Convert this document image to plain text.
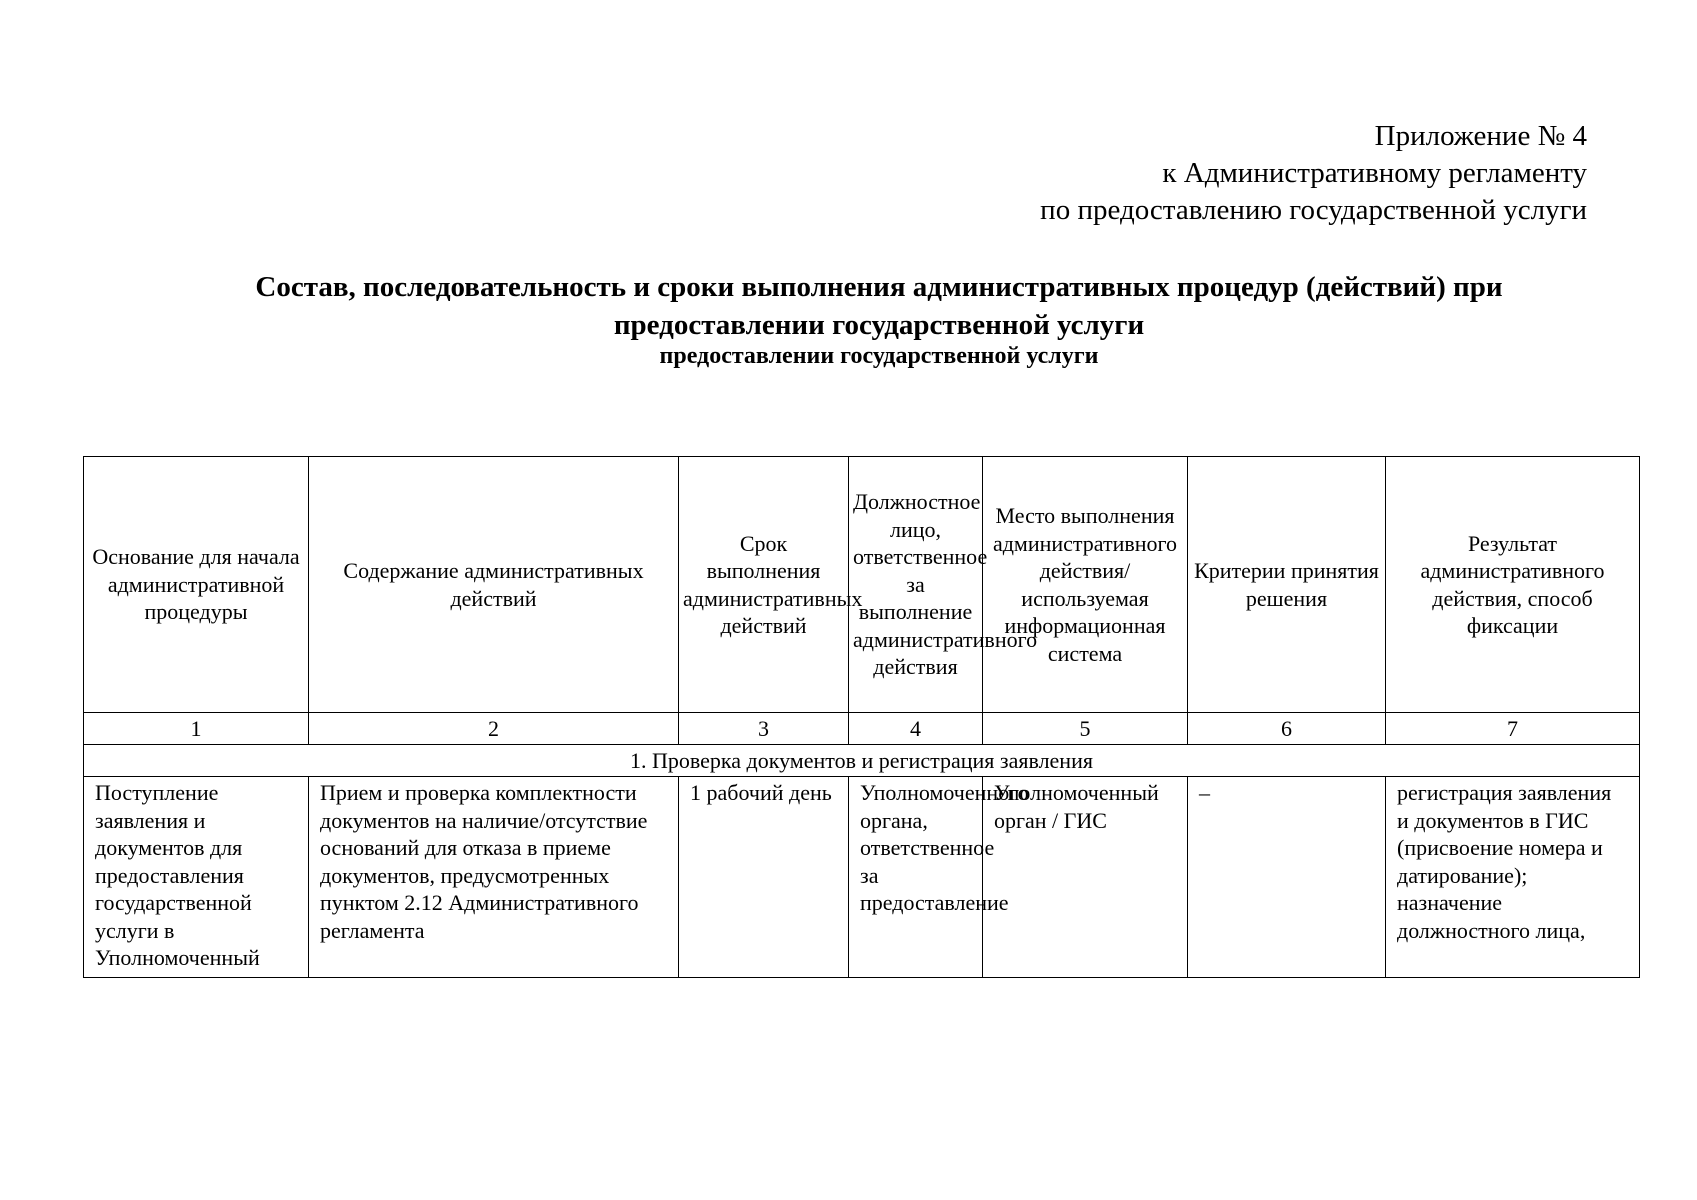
Приложение № 4
к Административному регламенту
по предоставлению государственной услуги
Состав, последовательность и сроки выполнения административных процедур (действий) при
предоставлении государственной услуги
предоставлении государственной услуги
Основание для начала административной процедуры	Содержание административных действий	Срок выполнения административных действий	Должностное лицо, ответственное за выполнение административного действия	Место выполнения административного действия/ используемая информационная система	Критерии принятия решения	Результат административного действия, способ фиксации
1	2	3	4	5	6	7
1. Проверка документов и регистрация заявления						
Поступление заявления и документов для предоставления государственной услуги в Уполномоченный	Прием и проверка комплектности документов на наличие/отсутствие оснований для отказа в приеме документов, предусмотренных пунктом 2.12 Административного регламента	1 рабочий день	Уполномоченного органа, ответственное за предоставление	Уполномоченный орган / ГИС	–	регистрация заявления и документов в ГИС (присвоение номера и датирование); назначение должностного лица,
